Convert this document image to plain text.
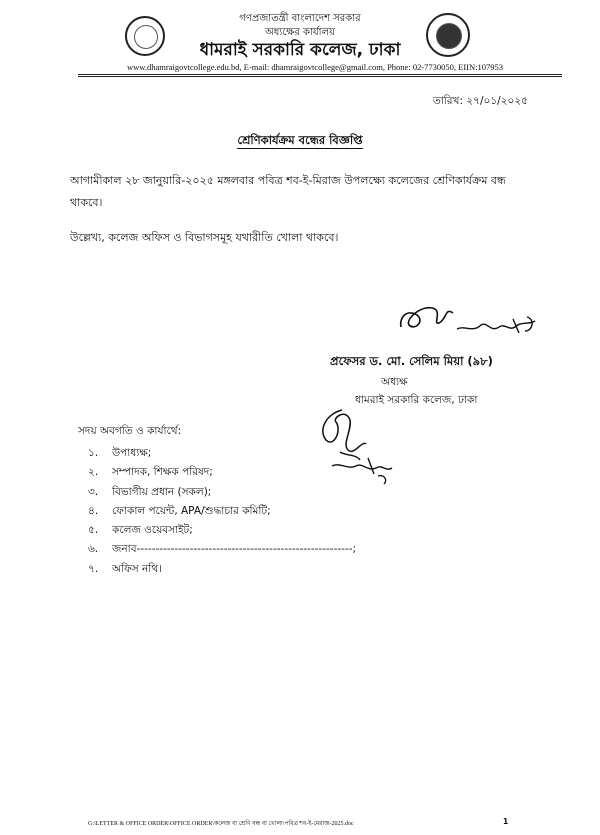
গণপ্রজাতন্ত্রী বাংলাদেশ সরকার
অধ্যক্ষের কার্যালয়
ধামরাই সরকারি কলেজ, ঢাকা
www.dhamraigovtcollege.edu.bd, E-mail: dhamraigovtcollege@gmail.com, Phone: 02-7730050, EIIN:107953
তারিখ: ২৭/০১/২০২৫
শ্রেণিকার্যক্রম বন্ধের বিজ্ঞপ্তি
আগামীকাল ২৮ জানুয়ারি-২০২৫ মঙ্গলবার পবিত্র শব-ই-মিরাজ উপলক্ষ্যে কলেজের শ্রেণিকার্যক্রম বন্ধ থাকবে।
উল্লেখ্য, কলেজ অফিস ও বিভাগসমূহ যথারীতি খোলা থাকবে।
প্রফেসর ড. মো. সেলিম মিয়া (৯৮)
অধ্যক্ষ
ধামরাই সরকারি কলেজ, ঢাকা
সদয় অবগতি ও কার্যার্থে:
১.	উপাধ্যক্ষ;
২.	সম্পাদক, শিক্ষক পরিষদ;
৩.	বিভাগীয় প্রধান (সকল);
৪.	ফোকাল পয়েন্ট, APA/শুদ্ধাচার কমিটি;
৫.	কলেজ ওয়েবসাইট;
৬.	জনাব---------------------------------------------------------;
৭.	অফিস নথি।
G:\LETTER & OFFICE ORDER\OFFICE ORDER\কলেজ বা শ্রেণি বন্ধ বা খোলা\পবিত্র শব-ই-মেরাজ-2025.doc	1
